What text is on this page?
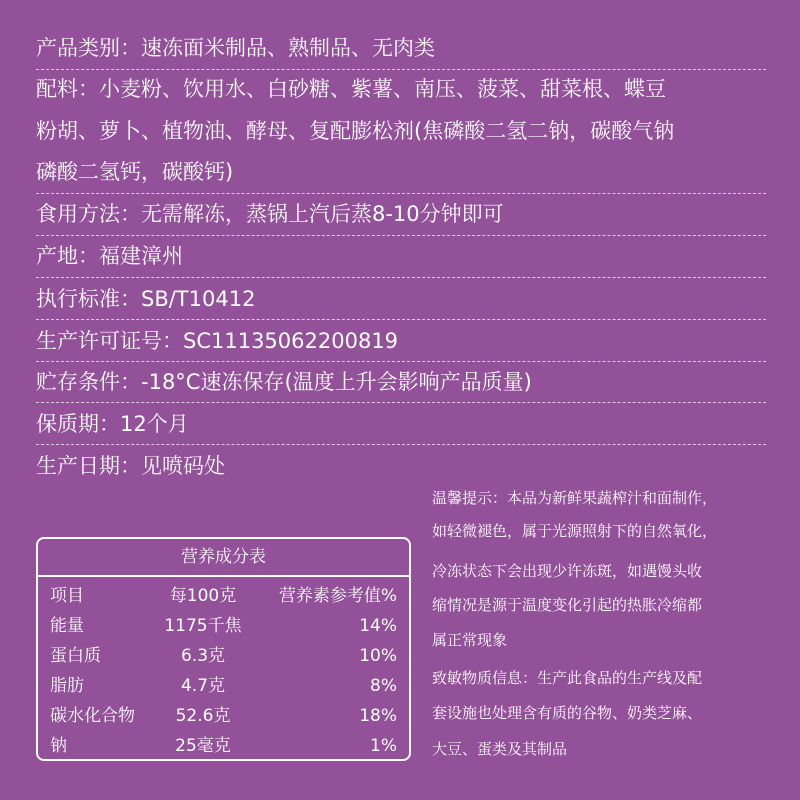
产品类别：速冻面米制品、熟制品、无肉类
配料：小麦粉、饮用水、白砂糖、紫薯、南压、菠菜、甜菜根、蝶豆
粉胡、萝卜、植物油、酵母、复配膨松剂(焦磷酸二氢二钠，碳酸气钠
磷酸二氢钙，碳酸钙)
食用方法：无需解冻，蒸锅上汽后蒸8-10分钟即可
产地：福建漳州
执行标准：SB/T10412
生产许可证号：SC11135062200819
贮存条件：-18°C速冻保存(温度上升会影响产品质量)
保质期：12个月
生产日期：见喷码处
营养成分表
项目	每100克	营养素参考值%
能量	1175千焦	14%
蛋白质	6.3克	10%
脂肪	4.7克	8%
碳水化合物	52.6克	18%
钠	25毫克	1%
温馨提示：本品为新鲜果蔬榨汁和面制作，
如轻微褪色，属于光源照射下的自然氧化，
冷冻状态下会出现少许冻斑，如遇馒头收
缩情况是源于温度变化引起的热胀冷缩都
属正常现象
致敏物质信息：生产此食品的生产线及配
套设施也处理含有质的谷物、奶类芝麻、
大豆、蛋类及其制品
